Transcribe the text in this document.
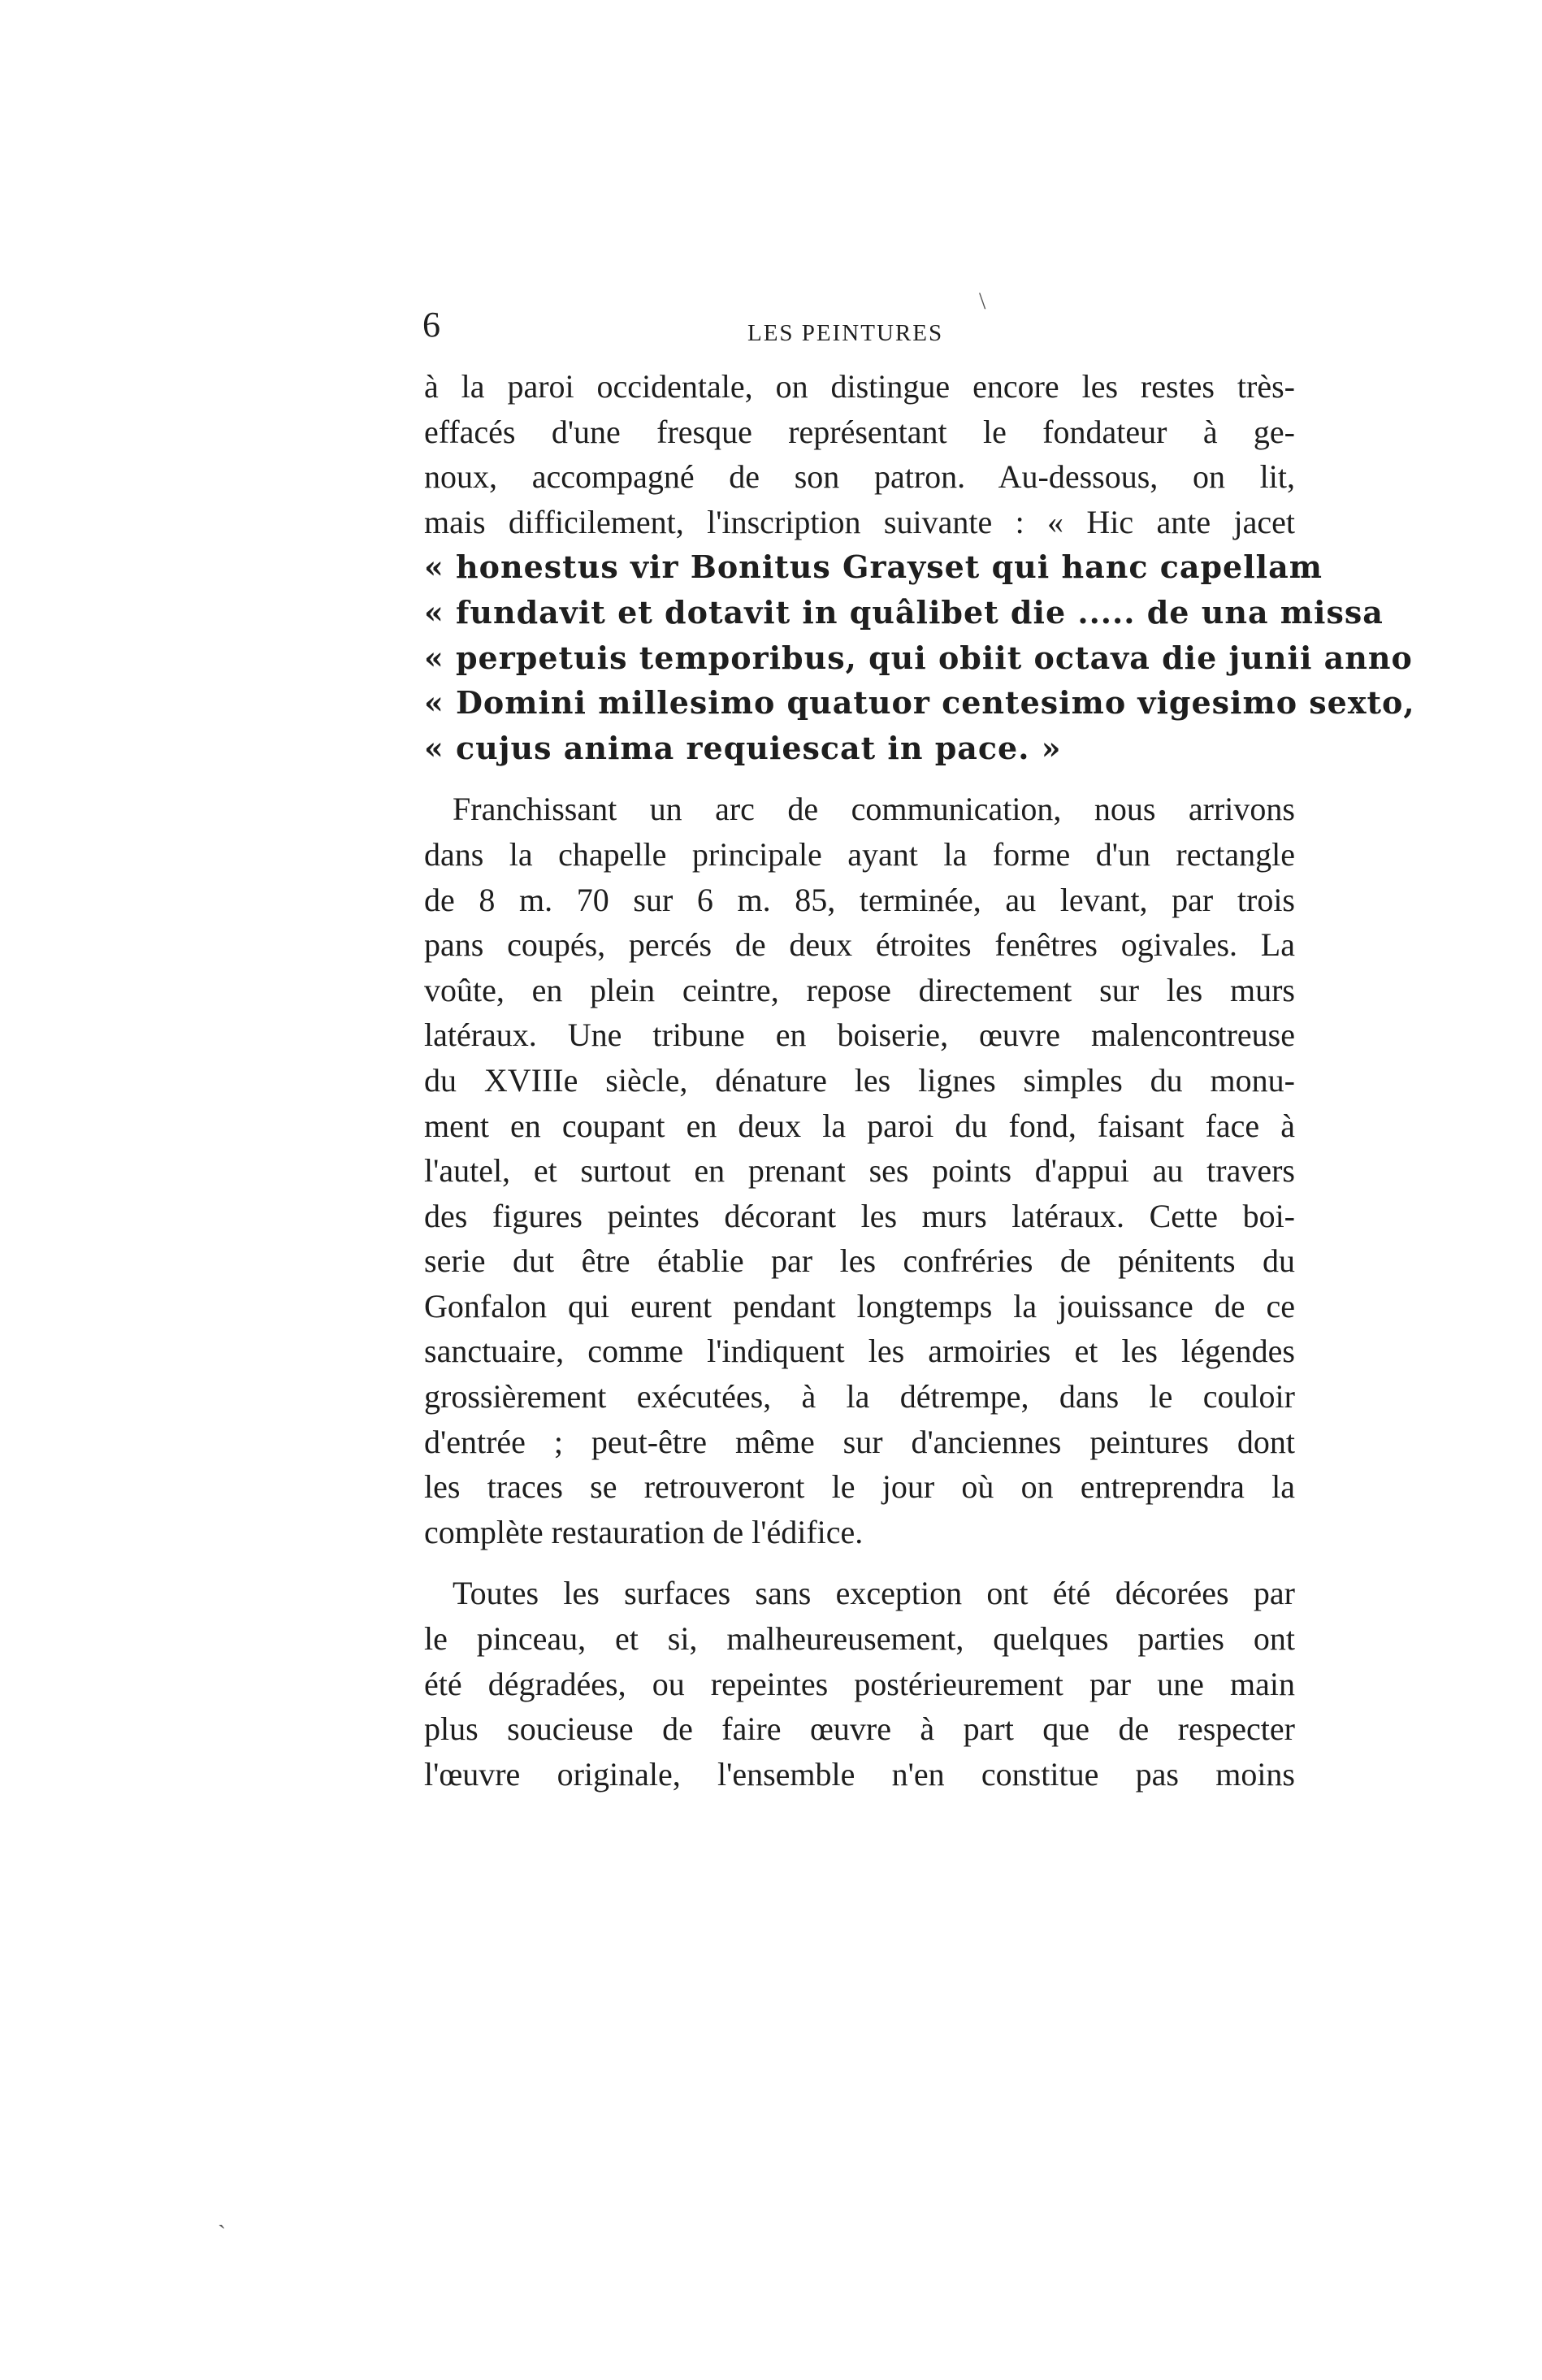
\
ˏ
6	LES PEINTURES
à la paroi occidentale, on distingue encore les restes très-
effacés d'une fresque représentant le fondateur à ge-
noux, accompagné de son patron. Au-dessous, on lit,
mais difficilement, l'inscription suivante : « Hic ante jacet
« honestus vir Bonitus Grayset qui hanc capellam
« fundavit et dotavit in quâlibet die ..... de una missa
« perpetuis temporibus, qui obiit octava die junii anno
« Domini millesimo quatuor centesimo vigesimo sexto,
« cujus anima requiescat in pace. »
Franchissant un arc de communication, nous arrivons
dans la chapelle principale ayant la forme d'un rectangle
de 8 m. 70 sur 6 m. 85, terminée, au levant, par trois
pans coupés, percés de deux étroites fenêtres ogivales. La
voûte, en plein ceintre, repose directement sur les murs
latéraux. Une tribune en boiserie, œuvre malencontreuse
du XVIIIe siècle, dénature les lignes simples du monu-
ment en coupant en deux la paroi du fond, faisant face à
l'autel, et surtout en prenant ses points d'appui au travers
des figures peintes décorant les murs latéraux. Cette boi-
serie dut être établie par les confréries de pénitents du
Gonfalon qui eurent pendant longtemps la jouissance de ce
sanctuaire, comme l'indiquent les armoiries et les légendes
grossièrement exécutées, à la détrempe, dans le couloir
d'entrée ; peut-être même sur d'anciennes peintures dont
les traces se retrouveront le jour où on entreprendra la
complète restauration de l'édifice.
Toutes les surfaces sans exception ont été décorées par
le pinceau, et si, malheureusement, quelques parties ont
été dégradées, ou repeintes postérieurement par une main
plus soucieuse de faire œuvre à part que de respecter
l'œuvre originale, l'ensemble n'en constitue pas moins
